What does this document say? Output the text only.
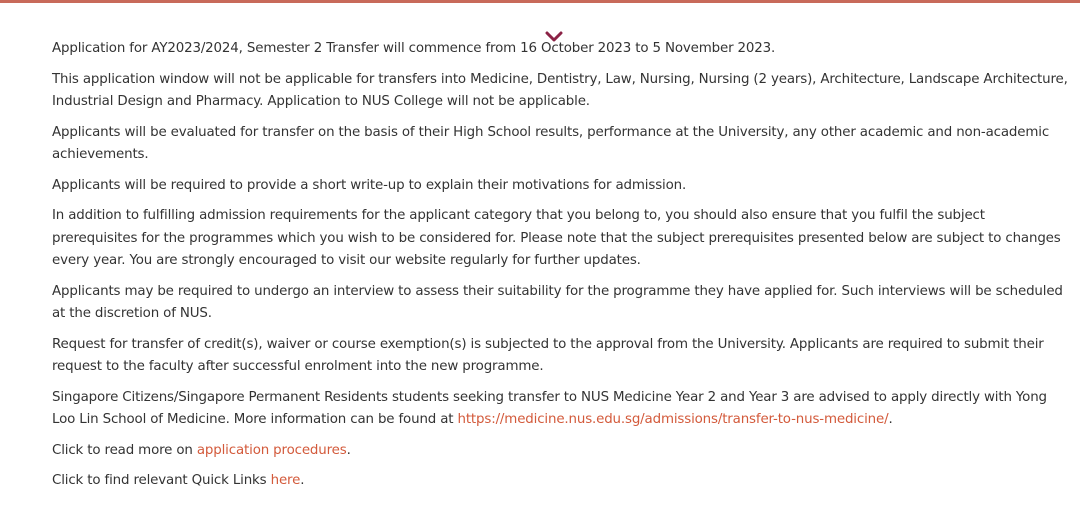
Application for AY2023/2024, Semester 2 Transfer will commence from 16 October 2023 to 5 November 2023.

This application window will not be applicable for transfers into Medicine, Dentistry, Law, Nursing, Nursing (2 years), Architecture, Landscape Architecture, Industrial Design and Pharmacy. Application to NUS College will not be applicable.

Applicants will be evaluated for transfer on the basis of their High School results, performance at the University, any other academic and non-academic achievements.

Applicants will be required to provide a short write-up to explain their motivations for admission.

In addition to fulfilling admission requirements for the applicant category that you belong to, you should also ensure that you fulfil the subject prerequisites for the programmes which you wish to be considered for. Please note that the subject prerequisites presented below are subject to changes every year. You are strongly encouraged to visit our website regularly for further updates.

Applicants may be required to undergo an interview to assess their suitability for the programme they have applied for. Such interviews will be scheduled at the discretion of NUS.

Request for transfer of credit(s), waiver or course exemption(s) is subjected to the approval from the University. Applicants are required to submit their request to the faculty after successful enrolment into the new programme.

Singapore Citizens/Singapore Permanent Residents students seeking transfer to NUS Medicine Year 2 and Year 3 are advised to apply directly with Yong Loo Lin School of Medicine. More information can be found at https://medicine.nus.edu.sg/admissions/transfer-to-nus-medicine/.

Click to read more on application procedures.

Click to find relevant Quick Links here.
